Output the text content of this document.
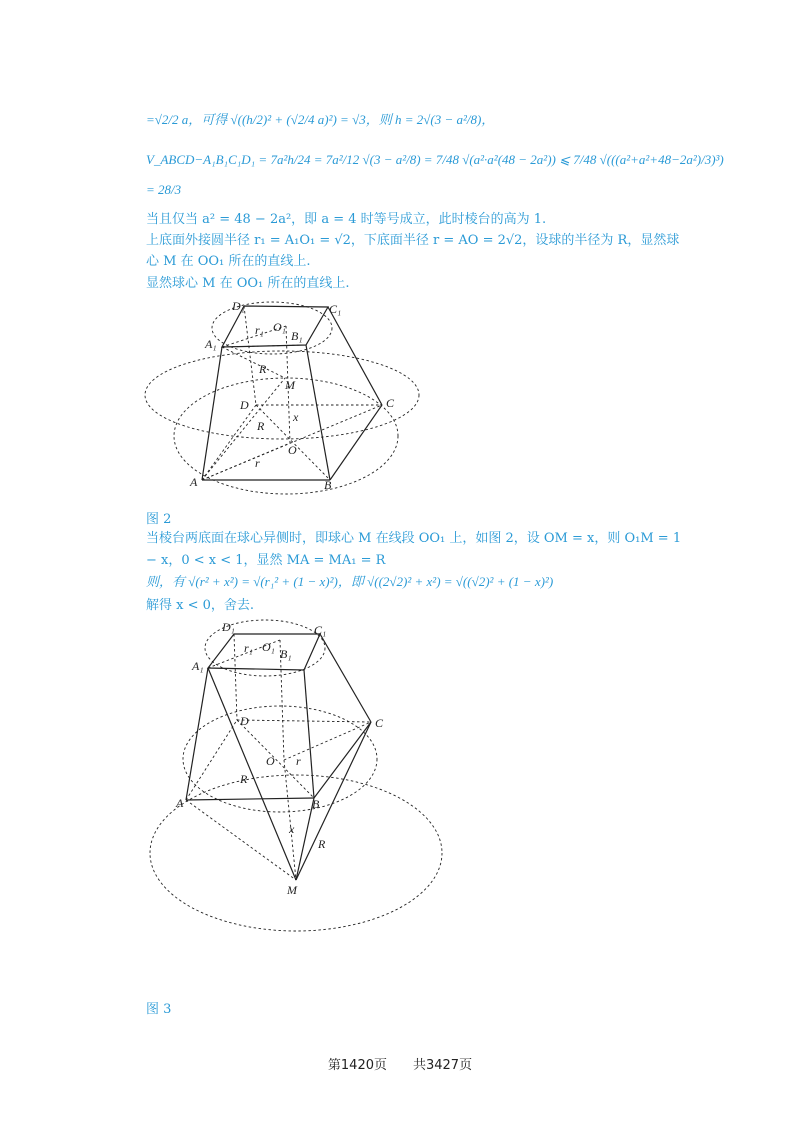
=√2/2 a，可得 √((h/2)² + (√2/4 a)²) = √3，则 h = 2√(3 − a²/8)，
V_ABCD−A₁B₁C₁D₁ = 7a²h/24 = 7a²/12 √(3 − a²/8) = 7/48 √(a²·a²(48 − 2a²)) ⩽ 7/48 √(((a²+a²+48−2a²)/3)³)
= 28/3
当且仅当 a² = 48 − 2a²，即 a = 4 时等号成立，此时棱台的高为 1.
上底面外接圆半径 r₁ = A₁O₁ = √2，下底面半径 r = AO = 2√2，设球的半径为 R，显然球
心 M 在 OO₁ 所在的直线上.
显然球心 M 在 OO₁ 所在的直线上.
D₁	C₁
A₁
B₁
O₁
r₁
R
M
D	C
x
R
O
r
A	B
图 2
当棱台两底面在球心异侧时，即球心 M 在线段 OO₁ 上，如图 2，设 OM = x，则 O₁M = 1
− x，0 < x < 1，显然 MA = MA₁ = R
则，有 √(r² + x²) = √(r₁² + (1 − x)²)，即 √((2√2)² + x²) = √((√2)² + (1 − x)²)
解得 x < 0，舍去.
D₁	C₁
A₁
B₁
O₁
r₁
D	C
O r
R
A	B
x
R
M
图 3
第1420页　　共3427页
